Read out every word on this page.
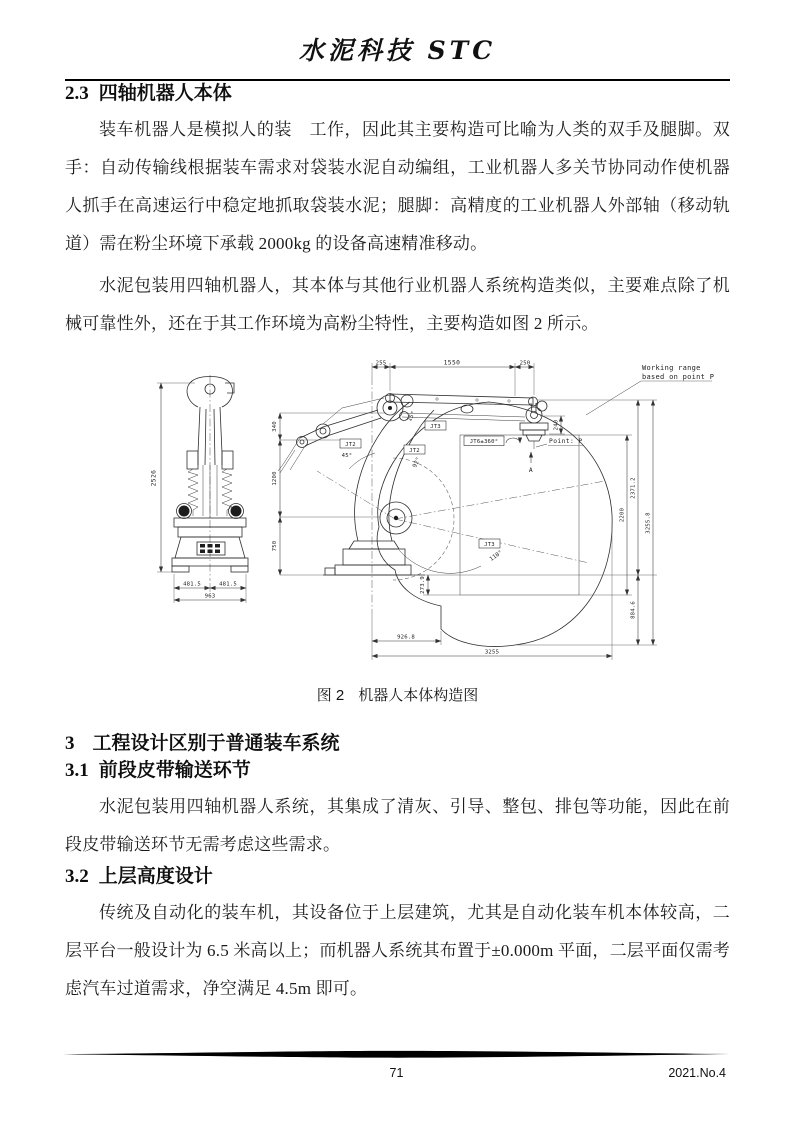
水泥科技 STC
2.3 四轴机器人本体

装车机器人是模拟人的装　工作，因此其主要构造可比喻为人类的双手及腿脚。双手：自动传输线根据装车需求对袋装水泥自动编组，工业机器人多关节协同动作使机器人抓手在高速运行中稳定地抓取袋装水泥；腿脚：高精度的工业机器人外部轴（移动轨道）需在粉尘环境下承载 2000kg 的设备高速精准移动。

水泥包装用四轴机器人，其本体与其他行业机器人系统构造类似，主要难点除了机械可靠性外，还在于其工作环境为高粉尘特性，主要构造如图 2 所示。

2526
481.5	481.5
963
255	1550	250
340
1200
750
240
2200
2371.2
884.6
3255.8
273.9
926.8
3255
JT3
15°
JT2
45°
JT2
92°
JT3
110°
JT6±360°	Point: P
A
Working range
based on point P
图 2 机器人本体构造图
3 工程设计区别于普通装车系统
3.1 前段皮带输送环节

水泥包装用四轴机器人系统，其集成了清灰、引导、整包、排包等功能，因此在前段皮带输送环节无需考虑这些需求。

3.2 上层高度设计

传统及自动化的装车机，其设备位于上层建筑，尤其是自动化装车机本体较高，二层平台一般设计为 6.5 米高以上；而机器人系统其布置于±0.000m 平面，二层平面仅需考虑汽车过道需求，净空满足 4.5m 即可。

71	2021.No.4
